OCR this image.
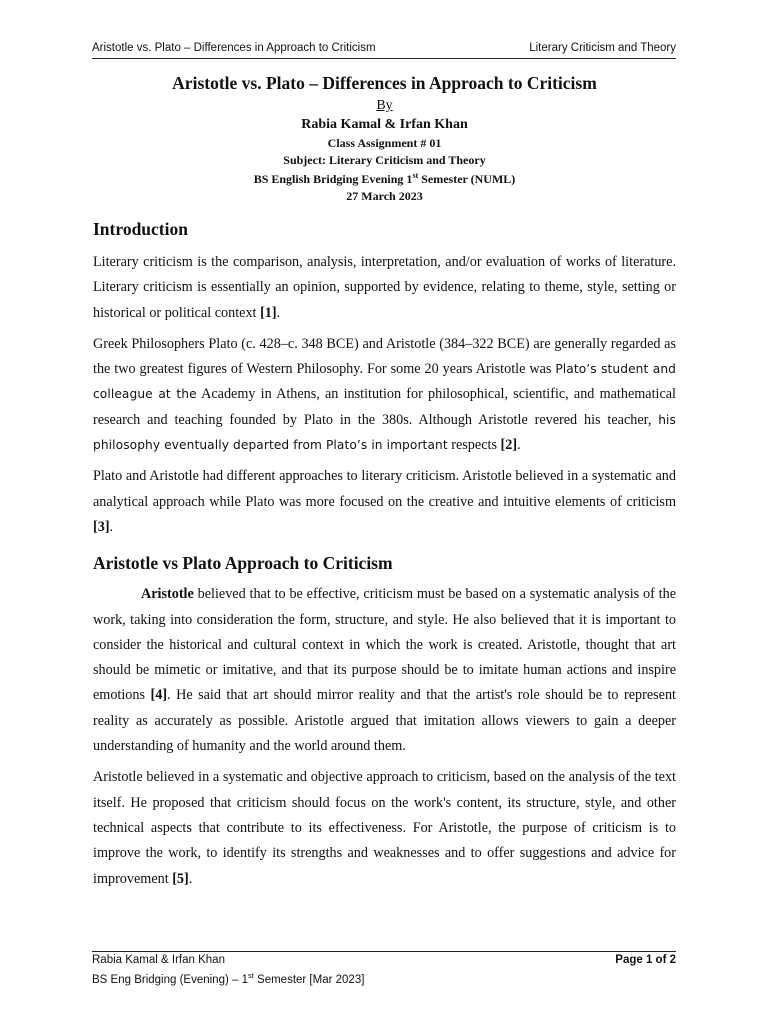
Aristotle vs. Plato – Differences in Approach to Criticism	Literary Criticism and Theory
Aristotle vs. Plato – Differences in Approach to Criticism
By
Rabia Kamal & Irfan Khan
Class Assignment # 01
Subject: Literary Criticism and Theory
BS English Bridging Evening 1st Semester (NUML)
27 March 2023
Introduction

Literary criticism is the comparison, analysis, interpretation, and/or evaluation of works of literature. Literary criticism is essentially an opinion, supported by evidence, relating to theme, style, setting or historical or political context [1].

Greek Philosophers Plato (c. 428–c. 348 BCE) and Aristotle (384–322 BCE) are generally regarded as the two greatest figures of Western Philosophy. For some 20 years Aristotle was Plato’s student and colleague at the Academy in Athens, an institution for philosophical, scientific, and mathematical research and teaching founded by Plato in the 380s. Although Aristotle revered his teacher, his philosophy eventually departed from Plato’s in important respects [2].

Plato and Aristotle had different approaches to literary criticism. Aristotle believed in a systematic and analytical approach while Plato was more focused on the creative and intuitive elements of criticism [3].

Aristotle vs Plato Approach to Criticism

Aristotle believed that to be effective, criticism must be based on a systematic analysis of the work, taking into consideration the form, structure, and style. He also believed that it is important to consider the historical and cultural context in which the work is created. Aristotle, thought that art should be mimetic or imitative, and that its purpose should be to imitate human actions and inspire emotions [4]. He said that art should mirror reality and that the artist's role should be to represent reality as accurately as possible. Aristotle argued that imitation allows viewers to gain a deeper understanding of humanity and the world around them.

Aristotle believed in a systematic and objective approach to criticism, based on the analysis of the text itself. He proposed that criticism should focus on the work's content, its structure, style, and other technical aspects that contribute to its effectiveness. For Aristotle, the purpose of criticism is to improve the work, to identify its strengths and weaknesses and to offer suggestions and advice for improvement [5].

Rabia Kamal & Irfan Khan
BS Eng Bridging (Evening) – 1st Semester [Mar 2023]
Page 1 of 2
